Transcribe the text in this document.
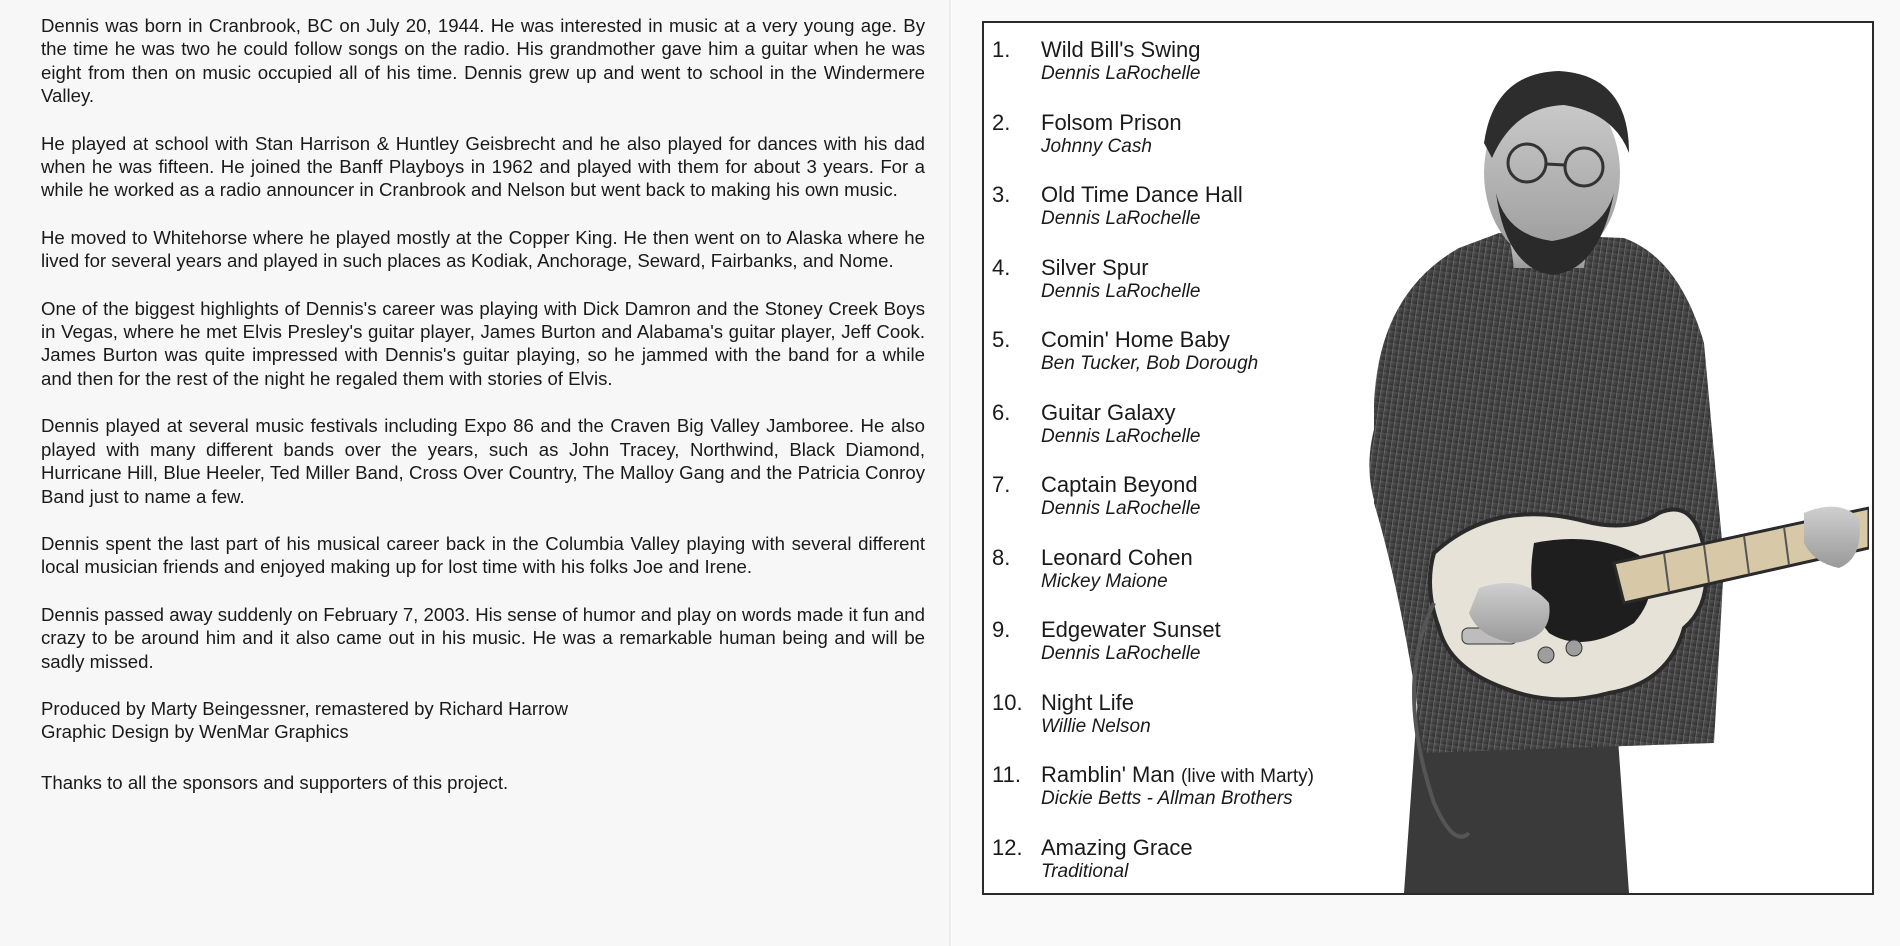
Dennis was born in Cranbrook, BC on July 20, 1944. He was interested in music at a very young age. By the time he was two he could follow songs on the radio. His grandmother gave him a guitar when he was eight from then on music occupied all of his time. Dennis grew up and went to school in the Windermere Valley.

He played at school with Stan Harrison & Huntley Geisbrecht and he also played for dances with his dad when he was fifteen. He joined the Banff Playboys in 1962 and played with them for about 3 years. For a while he worked as a radio announcer in Cranbrook and Nelson but went back to making his own music.

He moved to Whitehorse where he played mostly at the Copper King. He then went on to Alaska where he lived for several years and played in such places as Kodiak, Anchorage, Seward, Fairbanks, and Nome.

One of the biggest highlights of Dennis's career was playing with Dick Damron and the Stoney Creek Boys in Vegas, where he met Elvis Presley's guitar player, James Burton and Alabama's guitar player, Jeff Cook. James Burton was quite impressed with Dennis's guitar playing, so he jammed with the band for a while and then for the rest of the night he regaled them with stories of Elvis.

Dennis played at several music festivals including Expo 86 and the Craven Big Valley Jamboree. He also played with many different bands over the years, such as John Tracey, Northwind, Black Diamond, Hurricane Hill, Blue Heeler, Ted Miller Band, Cross Over Country, The Malloy Gang and the Patricia Conroy Band just to name a few.

Dennis spent the last part of his musical career back in the Columbia Valley playing with several different local musician friends and enjoyed making up for lost time with his folks Joe and Irene.

Dennis passed away suddenly on February 7, 2003. His sense of humor and play on words made it fun and crazy to be around him and it also came out in his music. He was a remarkable human being and will be sadly missed.

Produced by Marty Beingessner, remastered by Richard Harrow

Graphic Design by WenMar Graphics

Thanks to all the sponsors and supporters of this project.

1. Wild Bill's Swing
Dennis LaRochelle
2. Folsom Prison
Johnny Cash
3. Old Time Dance Hall
Dennis LaRochelle
4. Silver Spur
Dennis LaRochelle
5. Comin' Home Baby
Ben Tucker, Bob Dorough
6. Guitar Galaxy
Dennis LaRochelle
7. Captain Beyond
Dennis LaRochelle
8. Leonard Cohen
Mickey Maione
9. Edgewater Sunset
Dennis LaRochelle
10. Night Life
Willie Nelson
11. Ramblin' Man (live with Marty)
Dickie Betts - Allman Brothers
12. Amazing Grace
Traditional
